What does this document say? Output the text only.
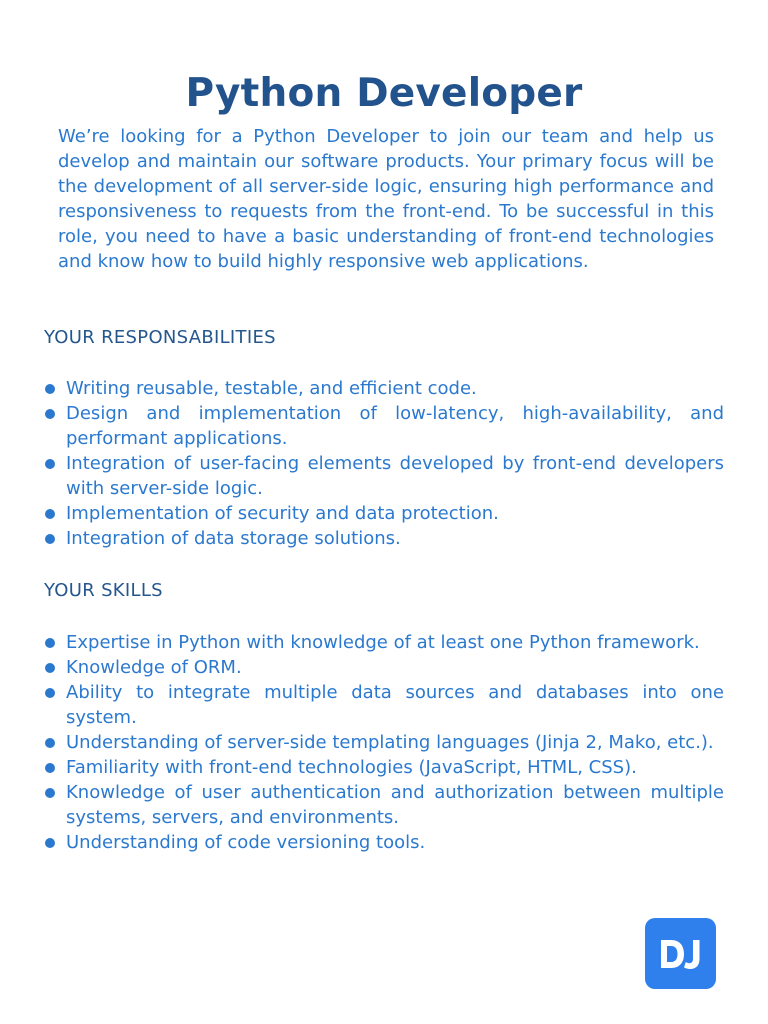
Python Developer

We’re looking for a Python Developer to join our team and help us develop and maintain our software products. Your primary focus will be the development of all server-side logic, ensuring high performance and responsiveness to requests from the front-end. To be successful in this role, you need to have a basic understanding of front-end technologies and know how to build highly responsive web applications.

YOUR RESPONSABILITIES
Writing reusable, testable, and efficient code.
Design and implementation of low-latency, high-availability, and performant applications.
Integration of user-facing elements developed by front-end developers with server-side logic.
Implementation of security and data protection.
Integration of data storage solutions.
YOUR SKILLS
Expertise in Python with knowledge of at least one Python framework.
Knowledge of ORM.
Ability to integrate multiple data sources and databases into one system.
Understanding of server-side templating languages (Jinja 2, Mako, etc.).
Familiarity with front-end technologies (JavaScript, HTML, CSS).
Knowledge of user authentication and authorization between multiple systems, servers, and environments.
Understanding of code versioning tools.
